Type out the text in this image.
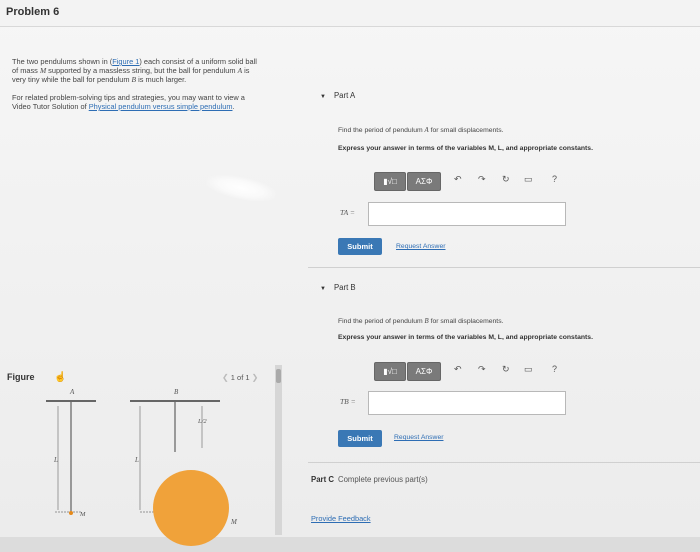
Problem 6

The two pendulums shown in (Figure 1) each consist of a uniform solid ball of mass M supported by a massless string, but the ball for pendulum A is very tiny while the ball for pendulum B is much larger.

For related problem-solving tips and strategies, you may want to view a Video Tutor Solution of Physical pendulum versus simple pendulum.

Figure ☝	❮ 1 of 1 ❯
A
L
M
B
L
L/2
M
▼ Part A
Find the period of pendulum A for small displacements.
Express your answer in terms of the variables M, L, and appropriate constants.
▮√□	ΑΣΦ	↶ ↷ ↻ ▭ ?
TA =
Submit	Request Answer
▼ Part B
Find the period of pendulum B for small displacements.
Express your answer in terms of the variables M, L, and appropriate constants.
▮√□	ΑΣΦ	↶ ↷ ↻ ▭ ?
TB =
Submit	Request Answer
Part C Complete previous part(s)
Provide Feedback
